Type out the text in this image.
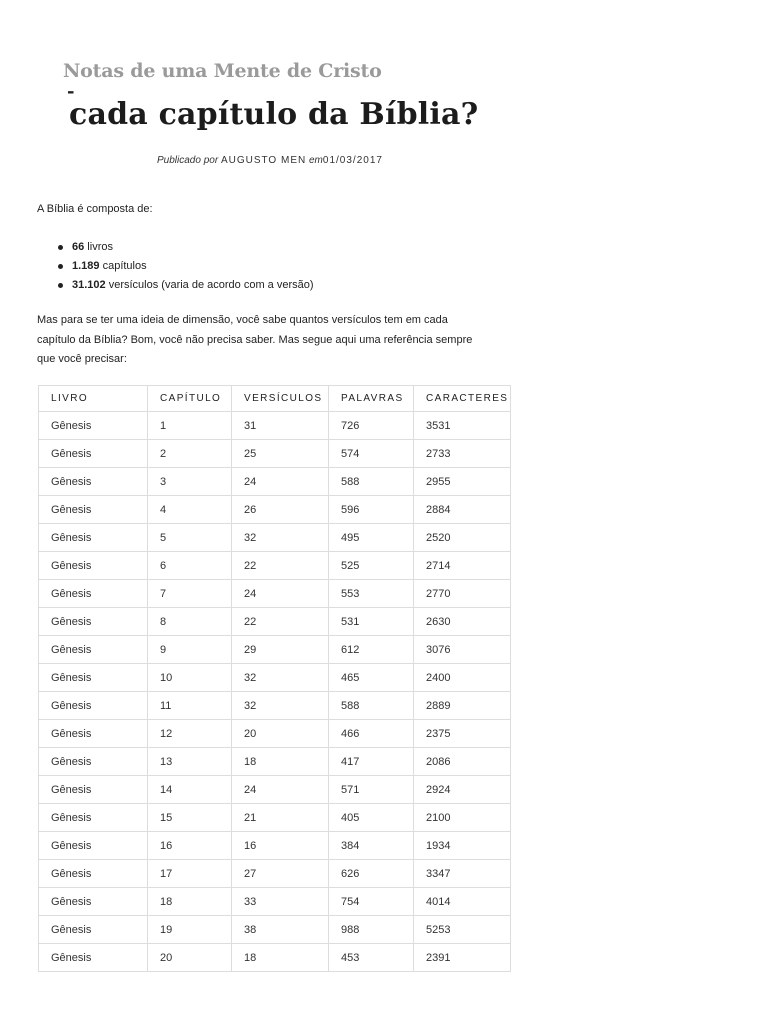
Notas de uma Mente de Cristo
-
cada capítulo da Bíblia?
Publicado por AUGUSTO MEN em01/03/2017

A Bíblia é composta de:

66 livros
1.189 capítulos
31.102 versículos (varia de acordo com a versão)

Mas para se ter uma ideia de dimensão, você sabe quantos versículos tem em cada capítulo da Bíblia? Bom, você não precisa saber. Mas segue aqui uma referência sempre que você precisar:

LIVRO	CAPÍTULO	VERSÍCULOS	PALAVRAS	CARACTERES
Gênesis	1	31	726	3531
Gênesis	2	25	574	2733
Gênesis	3	24	588	2955
Gênesis	4	26	596	2884
Gênesis	5	32	495	2520
Gênesis	6	22	525	2714
Gênesis	7	24	553	2770
Gênesis	8	22	531	2630
Gênesis	9	29	612	3076
Gênesis	10	32	465	2400
Gênesis	11	32	588	2889
Gênesis	12	20	466	2375
Gênesis	13	18	417	2086
Gênesis	14	24	571	2924
Gênesis	15	21	405	2100
Gênesis	16	16	384	1934
Gênesis	17	27	626	3347
Gênesis	18	33	754	4014
Gênesis	19	38	988	5253
Gênesis	20	18	453	2391
